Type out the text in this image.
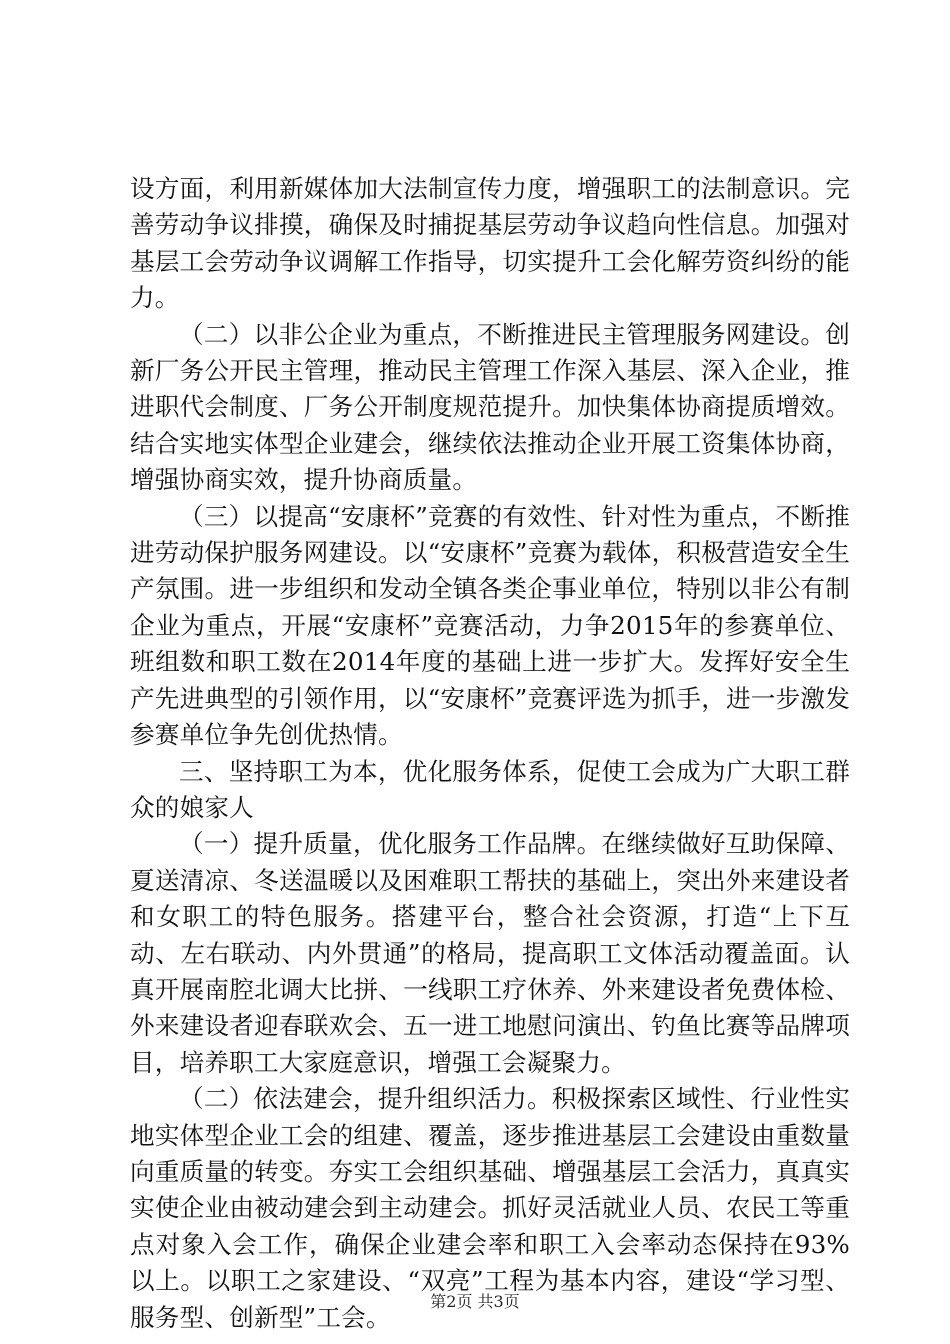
设方面，利用新媒体加大法制宣传力度，增强职工的法制意识。完善劳动争议排摸，确保及时捕捉基层劳动争议趋向性信息。加强对基层工会劳动争议调解工作指导，切实提升工会化解劳资纠纷的能力。

（二）以非公企业为重点，不断推进民主管理服务网建设。创新厂务公开民主管理，推动民主管理工作深入基层、深入企业，推进职代会制度、厂务公开制度规范提升。加快集体协商提质增效。结合实地实体型企业建会，继续依法推动企业开展工资集体协商，增强协商实效，提升协商质量。

（三）以提高“安康杯”竞赛的有效性、针对性为重点，不断推进劳动保护服务网建设。以“安康杯”竞赛为载体，积极营造安全生产氛围。进一步组织和发动全镇各类企事业单位，特别以非公有制企业为重点，开展“安康杯”竞赛活动，力争2015年的参赛单位、班组数和职工数在2014年度的基础上进一步扩大。发挥好安全生产先进典型的引领作用，以“安康杯”竞赛评选为抓手，进一步激发参赛单位争先创优热情。

三、坚持职工为本，优化服务体系，促使工会成为广大职工群众的娘家人

（一）提升质量，优化服务工作品牌。在继续做好互助保障、夏送清凉、冬送温暖以及困难职工帮扶的基础上，突出外来建设者和女职工的特色服务。搭建平台，整合社会资源，打造“上下互动、左右联动、内外贯通”的格局，提高职工文体活动覆盖面。认真开展南腔北调大比拼、一线职工疗休养、外来建设者免费体检、外来建设者迎春联欢会、五一进工地慰问演出、钓鱼比赛等品牌项目，培养职工大家庭意识，增强工会凝聚力。

（二）依法建会，提升组织活力。积极探索区域性、行业性实地实体型企业工会的组建、覆盖，逐步推进基层工会建设由重数量向重质量的转变。夯实工会组织基础、增强基层工会活力，真真实实使企业由被动建会到主动建会。抓好灵活就业人员、农民工等重点对象入会工作，确保企业建会率和职工入会率动态保持在93%以上。以职工之家建设、“双亮”工程为基本内容，建设“学习型、服务型、创新型”工会。

第2页 共3页
